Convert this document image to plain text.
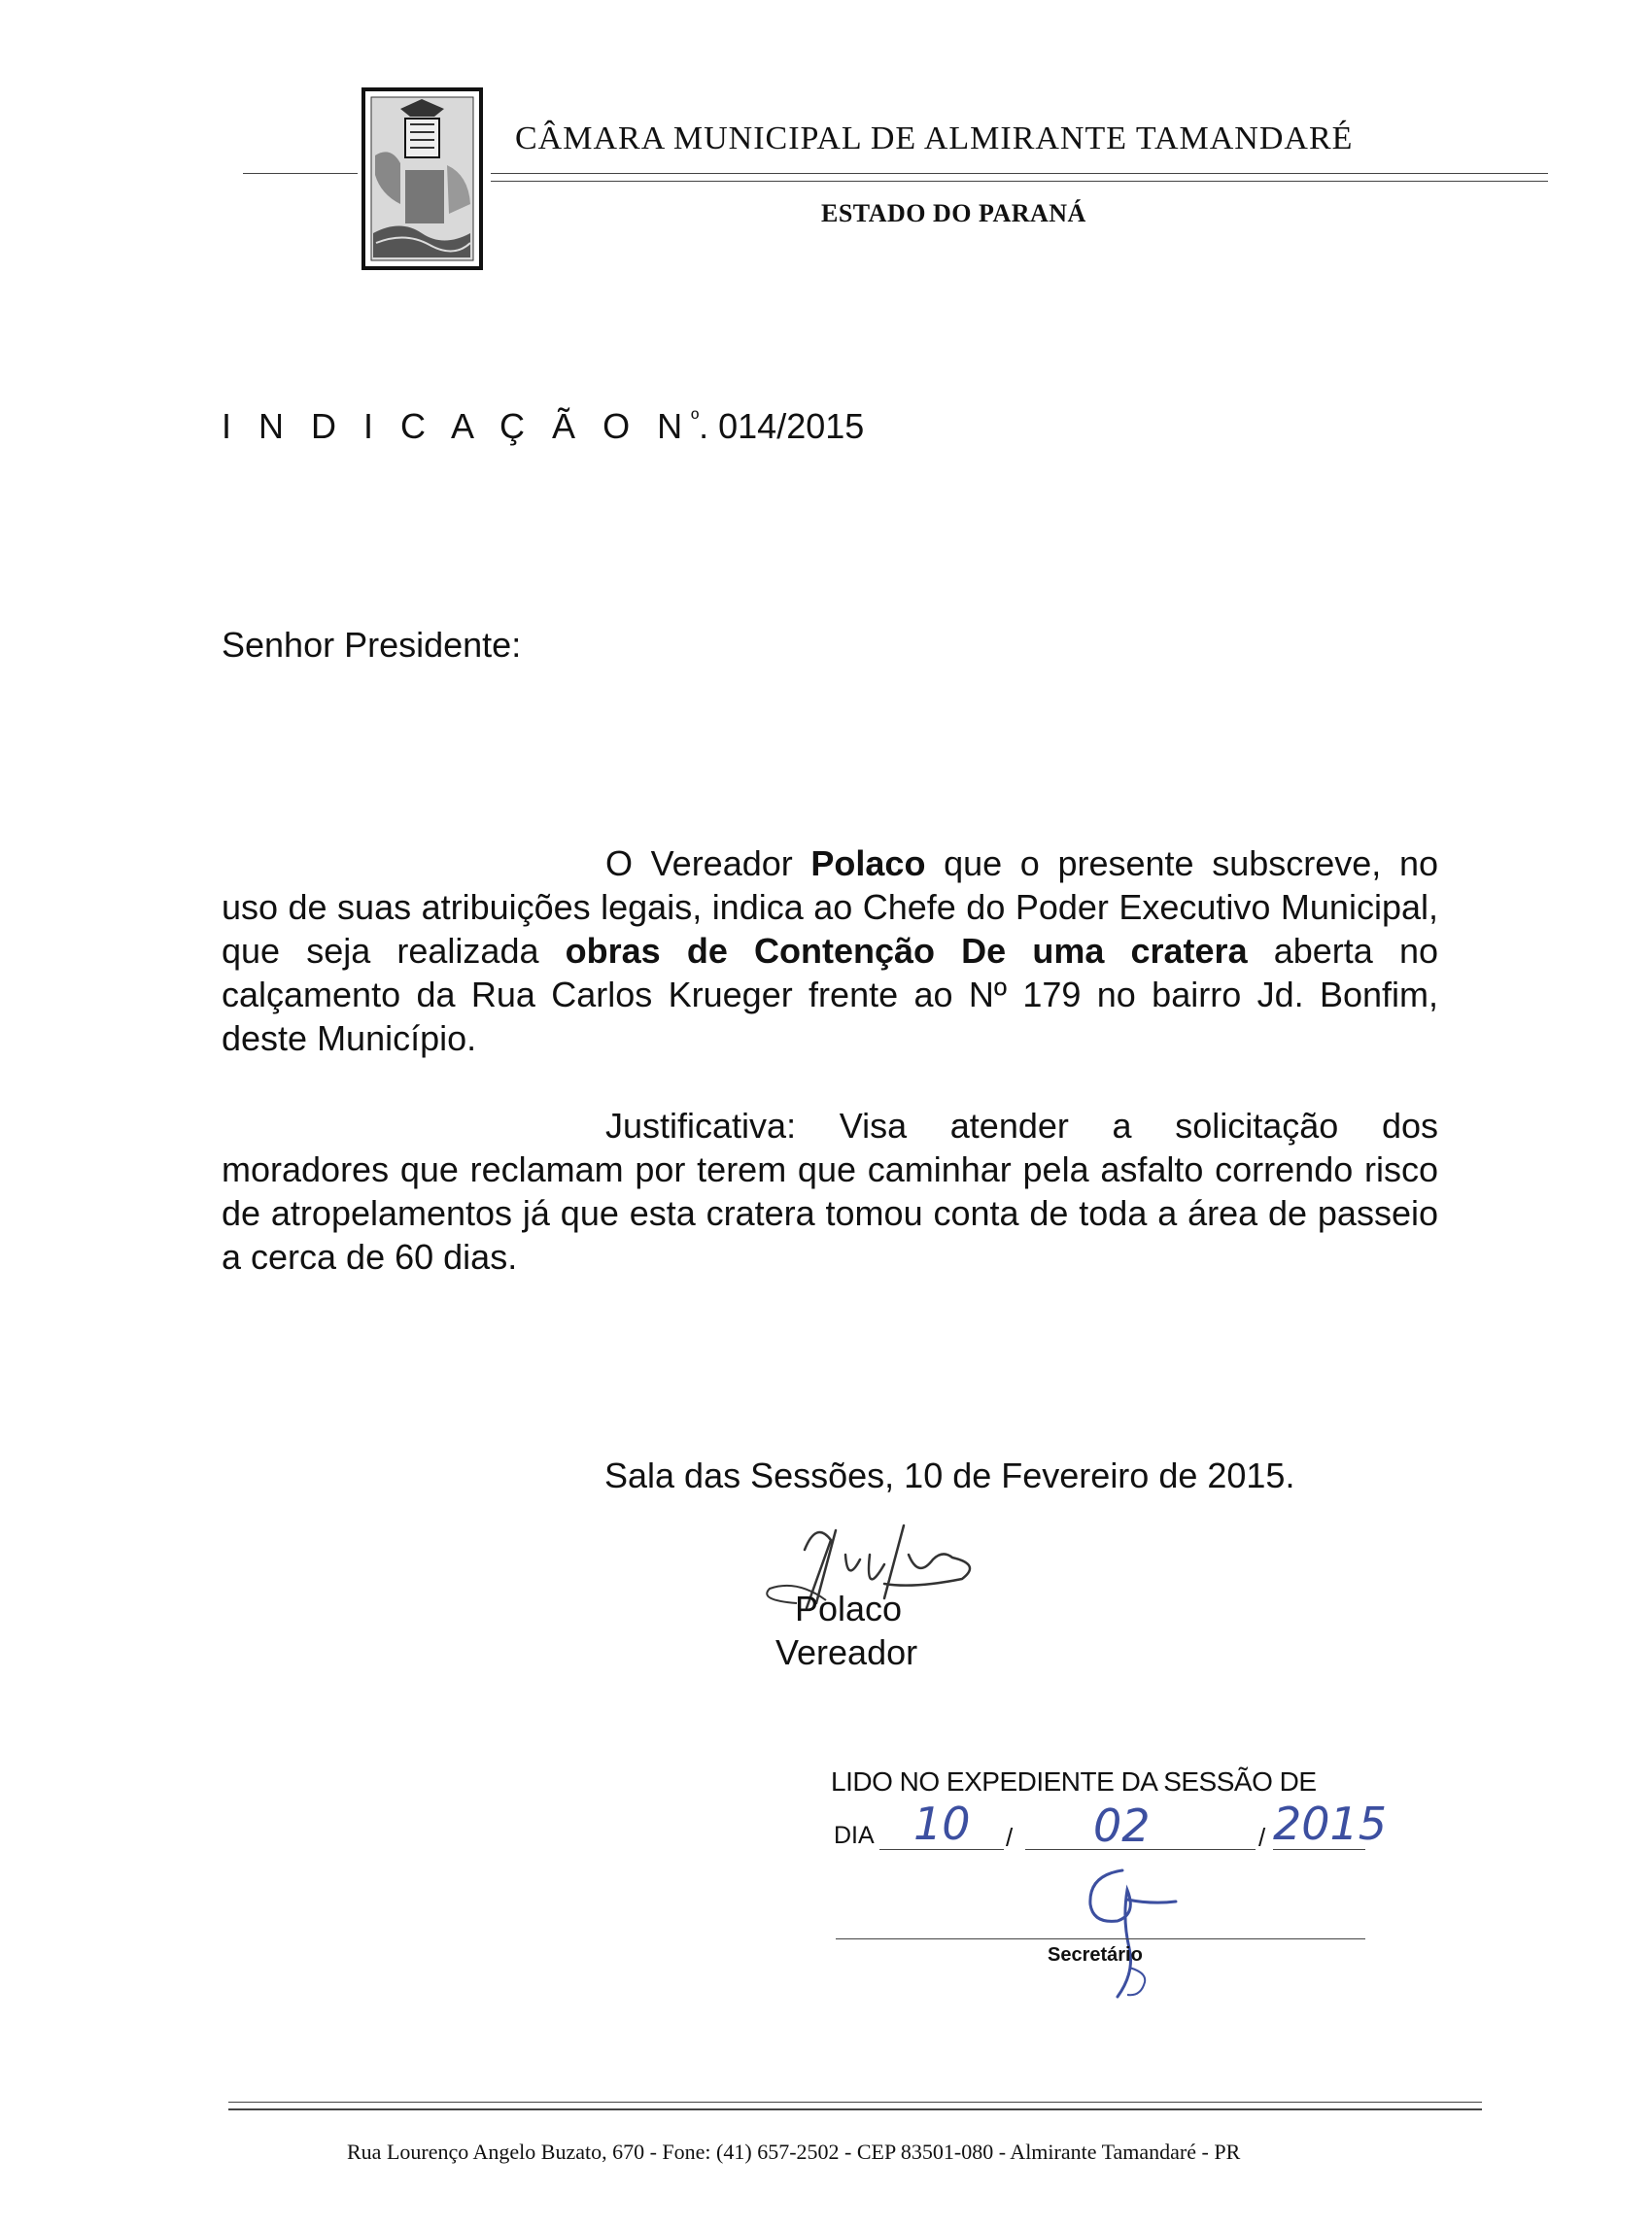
CÂMARA MUNICIPAL DE ALMIRANTE TAMANDARÉ
ESTADO DO PARANÁ
I N D I C A Ç Ã O $N^º$. 014/2015
Senhor Presidente:
O Vereador Polaco que o presente subscreve, no uso de suas atribuições legais, indica ao Chefe do Poder Executivo Municipal, que seja realizada obras de Contenção De uma cratera aberta no calçamento da Rua Carlos Krueger frente ao Nº 179 no bairro Jd. Bonfim, deste Município.
Justificativa: Visa atender a solicitação dos moradores que reclamam por terem que caminhar pela asfalto correndo risco de atropelamentos já que esta cratera tomou conta de toda a área de passeio a cerca de 60 dias.
Sala das Sessões, 10 de Fevereiro de 2015.
Polaco
Vereador
LIDO NO EXPEDIENTE DA SESSÃO DE
DIA	/	/
10	02	2015
Secretário
Rua Lourenço Angelo Buzato, 670 - Fone: (41) 657-2502 - CEP 83501-080 - Almirante Tamandaré - PR
